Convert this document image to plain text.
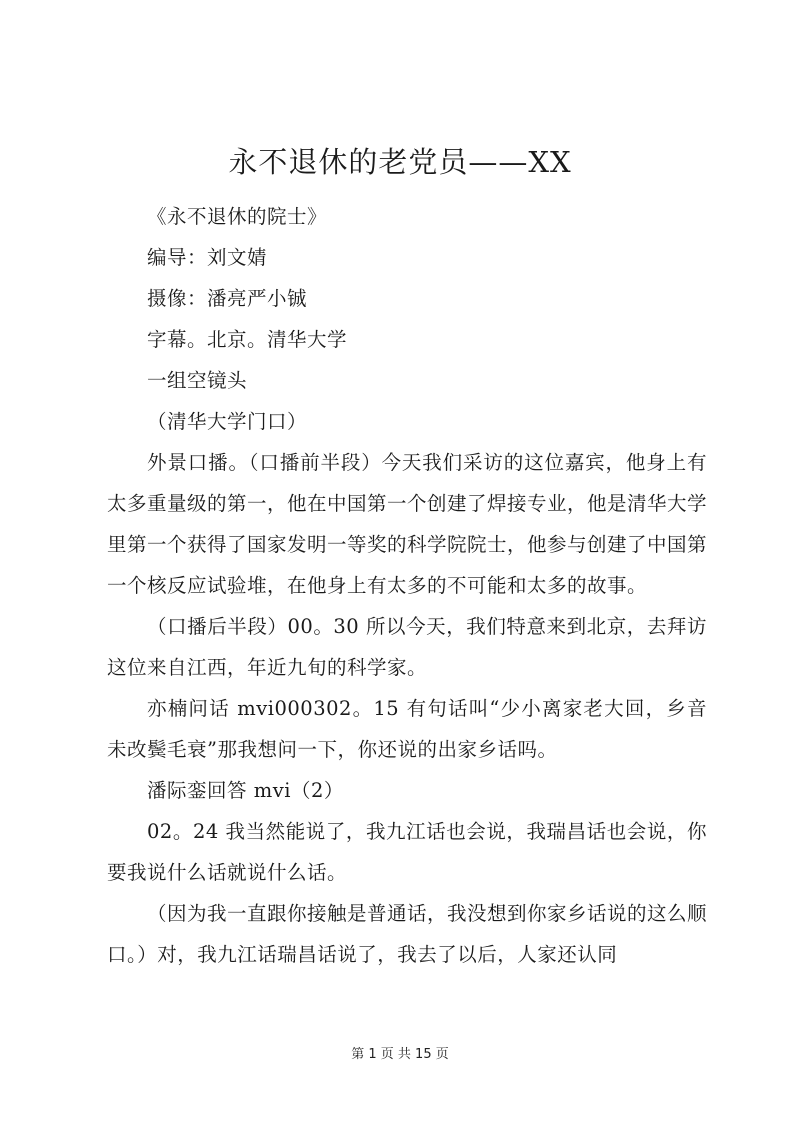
永不退休的老党员——XX

《永不退休的院士》

编导：刘文婧

摄像：潘亮严小铖

字幕。北京。清华大学

一组空镜头

（清华大学门口）

外景口播。（口播前半段）今天我们采访的这位嘉宾，他身上有太多重量级的第一，他在中国第一个创建了焊接专业，他是清华大学里第一个获得了国家发明一等奖的科学院院士，他参与创建了中国第一个核反应试验堆，在他身上有太多的不可能和太多的故事。

（口播后半段）00。30 所以今天，我们特意来到北京，去拜访这位来自江西，年近九旬的科学家。

亦楠问话 mvi000302。15 有句话叫“少小离家老大回，乡音未改鬓毛衰”那我想问一下，你还说的出家乡话吗。

潘际銮回答 mvi（2）

02。24 我当然能说了，我九江话也会说，我瑞昌话也会说，你要我说什么话就说什么话。

（因为我一直跟你接触是普通话，我没想到你家乡话说的这么顺口。）对，我九江话瑞昌话说了，我去了以后，人家还认同

第 1 页 共 15 页
